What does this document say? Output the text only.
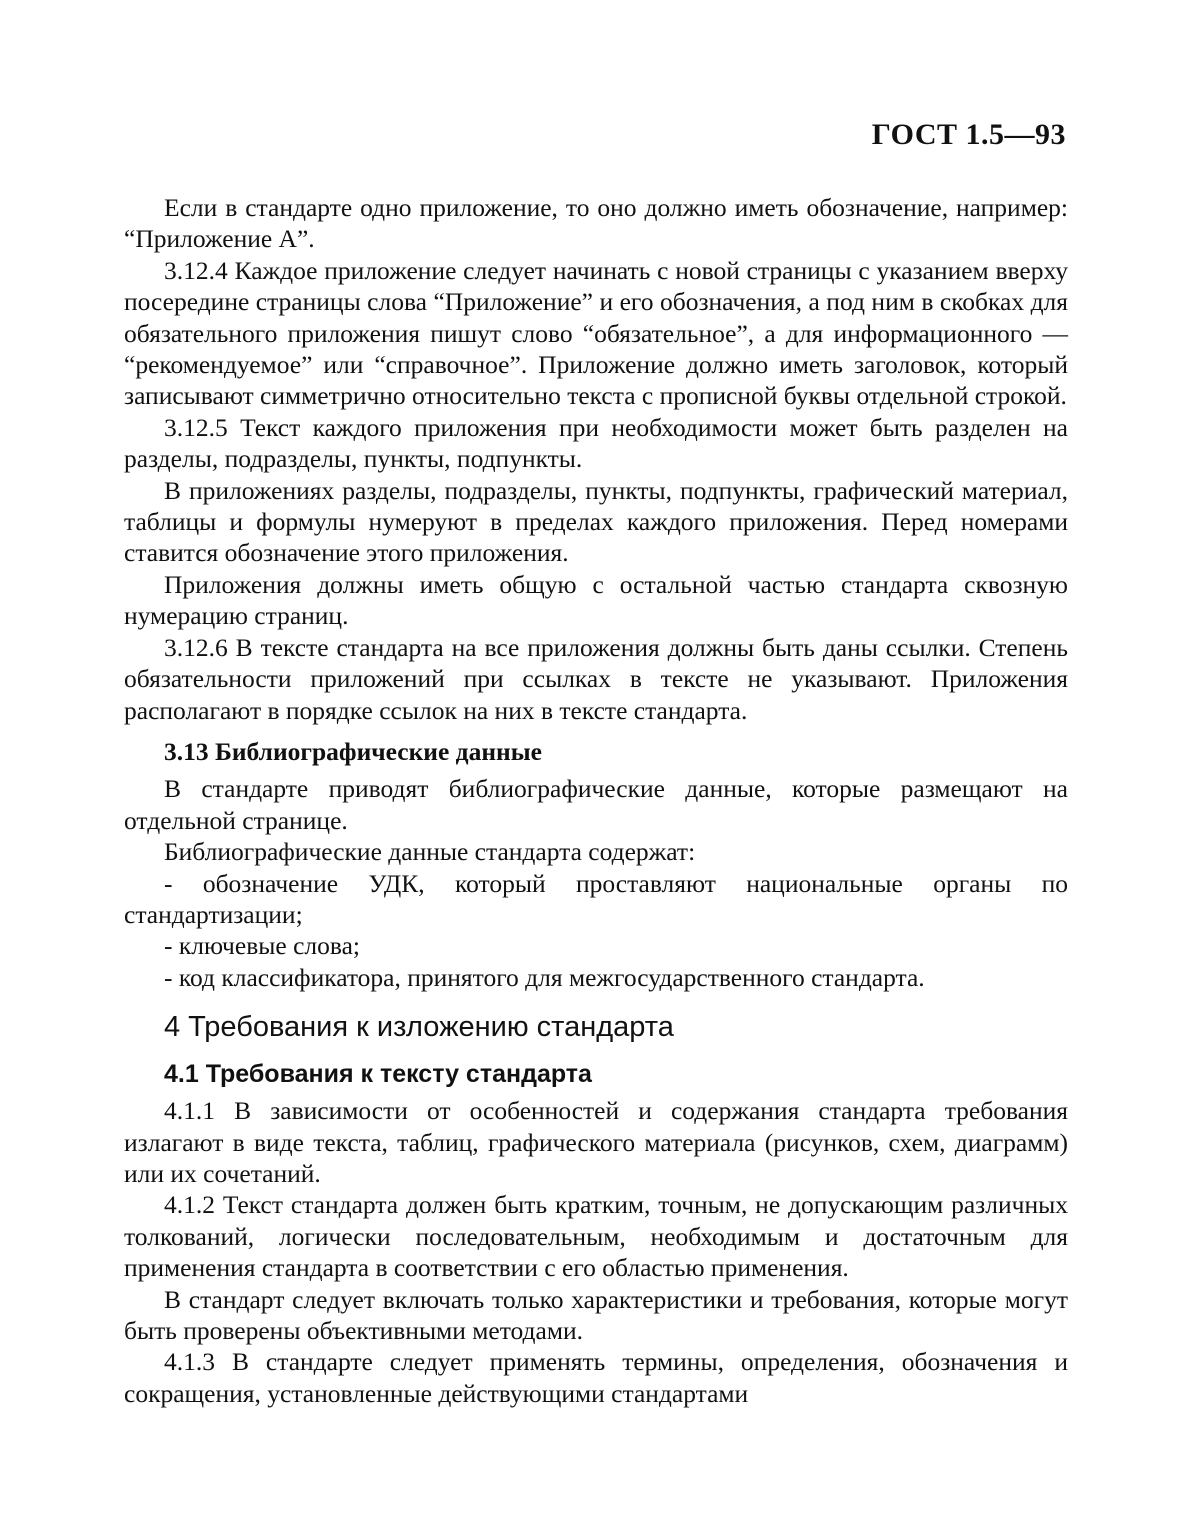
ГОСТ 1.5—93

Если в стандарте одно приложение, то оно должно иметь обозначение, например: “Приложение А”.

3.12.4 Каждое приложение следует начинать с новой страницы с указанием вверху посередине страницы слова “Приложение” и его обозначения, а под ним в скобках для обязательного приложения пишут слово “обязательное”, а для информационного — “рекомендуемое” или “справочное”. Приложение должно иметь заголовок, который записывают симметрично относительно текста с прописной буквы отдельной строкой.

3.12.5 Текст каждого приложения при необходимости может быть разделен на разделы, подразделы, пункты, подпункты.

В приложениях разделы, подразделы, пункты, подпункты, графический материал, таблицы и формулы нумеруют в пределах каждого приложения. Перед номерами ставится обозначение этого приложения.

Приложения должны иметь общую с остальной частью стандарта сквозную нумерацию страниц.

3.12.6 В тексте стандарта на все приложения должны быть даны ссылки. Степень обязательности приложений при ссылках в тексте не указывают. Приложения располагают в порядке ссылок на них в тексте стандарта.

3.13 Библиографические данные

В стандарте приводят библиографические данные, которые размещают на отдельной странице.

Библиографические данные стандарта содержат:

- обозначение УДК, который проставляют национальные органы по стандартизации;

- ключевые слова;

- код классификатора, принятого для межгосударственного стандарта.

4 Требования к изложению стандарта
4.1 Требования к тексту стандарта

4.1.1 В зависимости от особенностей и содержания стандарта требования излагают в виде текста, таблиц, графического материала (рисунков, схем, диаграмм) или их сочетаний.

4.1.2 Текст стандарта должен быть кратким, точным, не допускающим различных толкований, логически последовательным, необходимым и достаточным для применения стандарта в соответствии с его областью применения.

В стандарт следует включать только характеристики и требования, которые могут быть проверены объективными методами.

4.1.3 В стандарте следует применять термины, определения, обозначения и сокращения, установленные действующими стандартами
